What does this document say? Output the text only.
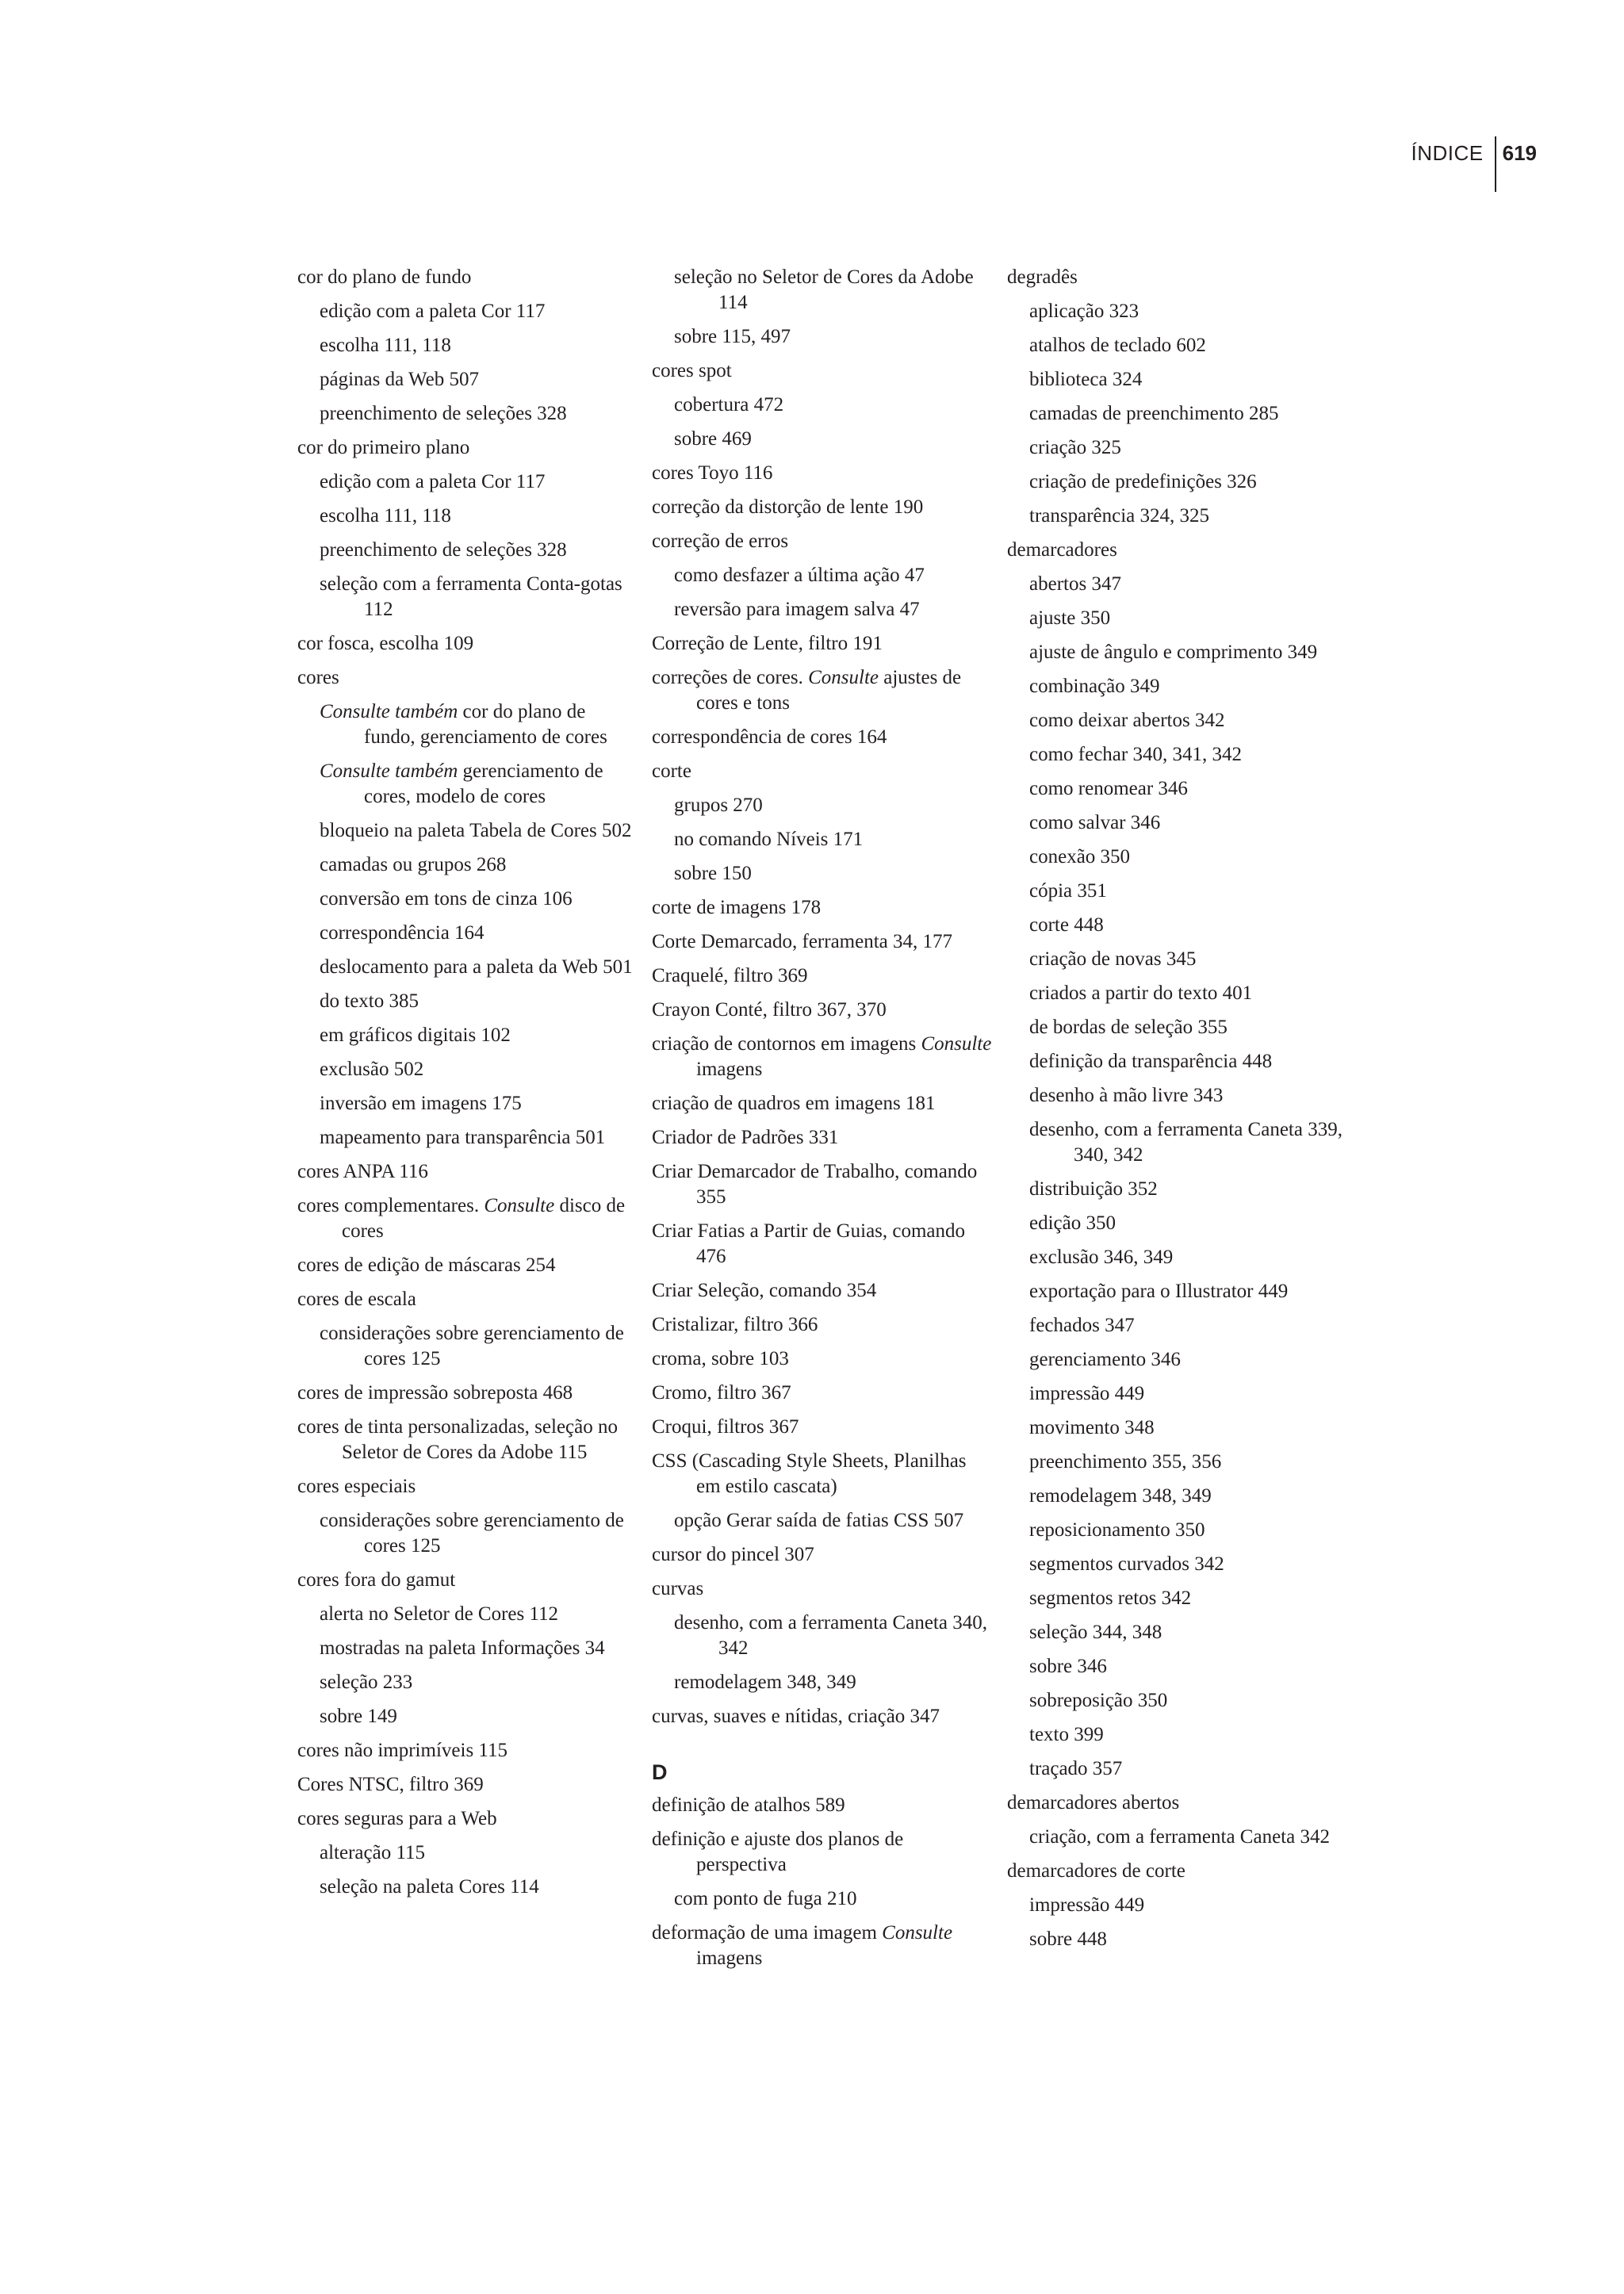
ÍNDICE 619
cor do plano de fundo
edição com a paleta Cor 117
escolha 111, 118
páginas da Web 507
preenchimento de seleções 328
cor do primeiro plano
edição com a paleta Cor 117
escolha 111, 118
preenchimento de seleções 328
seleção com a ferramenta Conta-gotas 112
cor fosca, escolha 109
cores
Consulte também cor do plano de fundo, gerenciamento de cores
Consulte também gerenciamento de cores, modelo de cores
bloqueio na paleta Tabela de Cores 502
camadas ou grupos 268
conversão em tons de cinza 106
correspondência 164
deslocamento para a paleta da Web 501
do texto 385
em gráficos digitais 102
exclusão 502
inversão em imagens 175
mapeamento para transparência 501
cores ANPA 116
cores complementares. Consulte disco de cores
cores de edição de máscaras 254
cores de escala
considerações sobre gerenciamento de cores 125
cores de impressão sobreposta 468
cores de tinta personalizadas, seleção no Seletor de Cores da Adobe 115
cores especiais
considerações sobre gerenciamento de cores 125
cores fora do gamut
alerta no Seletor de Cores 112
mostradas na paleta Informações 34
seleção 233
sobre 149
cores não imprimíveis 115
Cores NTSC, filtro 369
cores seguras para a Web
alteração 115
seleção na paleta Cores 114
seleção no Seletor de Cores da Adobe 114
sobre 115, 497
cores spot
cobertura 472
sobre 469
cores Toyo 116
correção da distorção de lente 190
correção de erros
como desfazer a última ação 47
reversão para imagem salva 47
Correção de Lente, filtro 191
correções de cores. Consulte ajustes de cores e tons
correspondência de cores 164
corte
grupos 270
no comando Níveis 171
sobre 150
corte de imagens 178
Corte Demarcado, ferramenta 34, 177
Craquelé, filtro 369
Crayon Conté, filtro 367, 370
criação de contornos em imagens Consulte imagens
criação de quadros em imagens 181
Criador de Padrões 331
Criar Demarcador de Trabalho, comando 355
Criar Fatias a Partir de Guias, comando 476
Criar Seleção, comando 354
Cristalizar, filtro 366
croma, sobre 103
Cromo, filtro 367
Croqui, filtros 367
CSS (Cascading Style Sheets, Planilhas em estilo cascata)
opção Gerar saída de fatias CSS 507
cursor do pincel 307
curvas
desenho, com a ferramenta Caneta 340, 342
remodelagem 348, 349
curvas, suaves e nítidas, criação 347
D
definição de atalhos 589
definição e ajuste dos planos de perspectiva
com ponto de fuga 210
deformação de uma imagem Consulte imagens
degradês
aplicação 323
atalhos de teclado 602
biblioteca 324
camadas de preenchimento 285
criação 325
criação de predefinições 326
transparência 324, 325
demarcadores
abertos 347
ajuste 350
ajuste de ângulo e comprimento 349
combinação 349
como deixar abertos 342
como fechar 340, 341, 342
como renomear 346
como salvar 346
conexão 350
cópia 351
corte 448
criação de novas 345
criados a partir do texto 401
de bordas de seleção 355
definição da transparência 448
desenho à mão livre 343
desenho, com a ferramenta Caneta 339, 340, 342
distribuição 352
edição 350
exclusão 346, 349
exportação para o Illustrator 449
fechados 347
gerenciamento 346
impressão 449
movimento 348
preenchimento 355, 356
remodelagem 348, 349
reposicionamento 350
segmentos curvados 342
segmentos retos 342
seleção 344, 348
sobre 346
sobreposição 350
texto 399
traçado 357
demarcadores abertos
criação, com a ferramenta Caneta 342
demarcadores de corte
impressão 449
sobre 448
